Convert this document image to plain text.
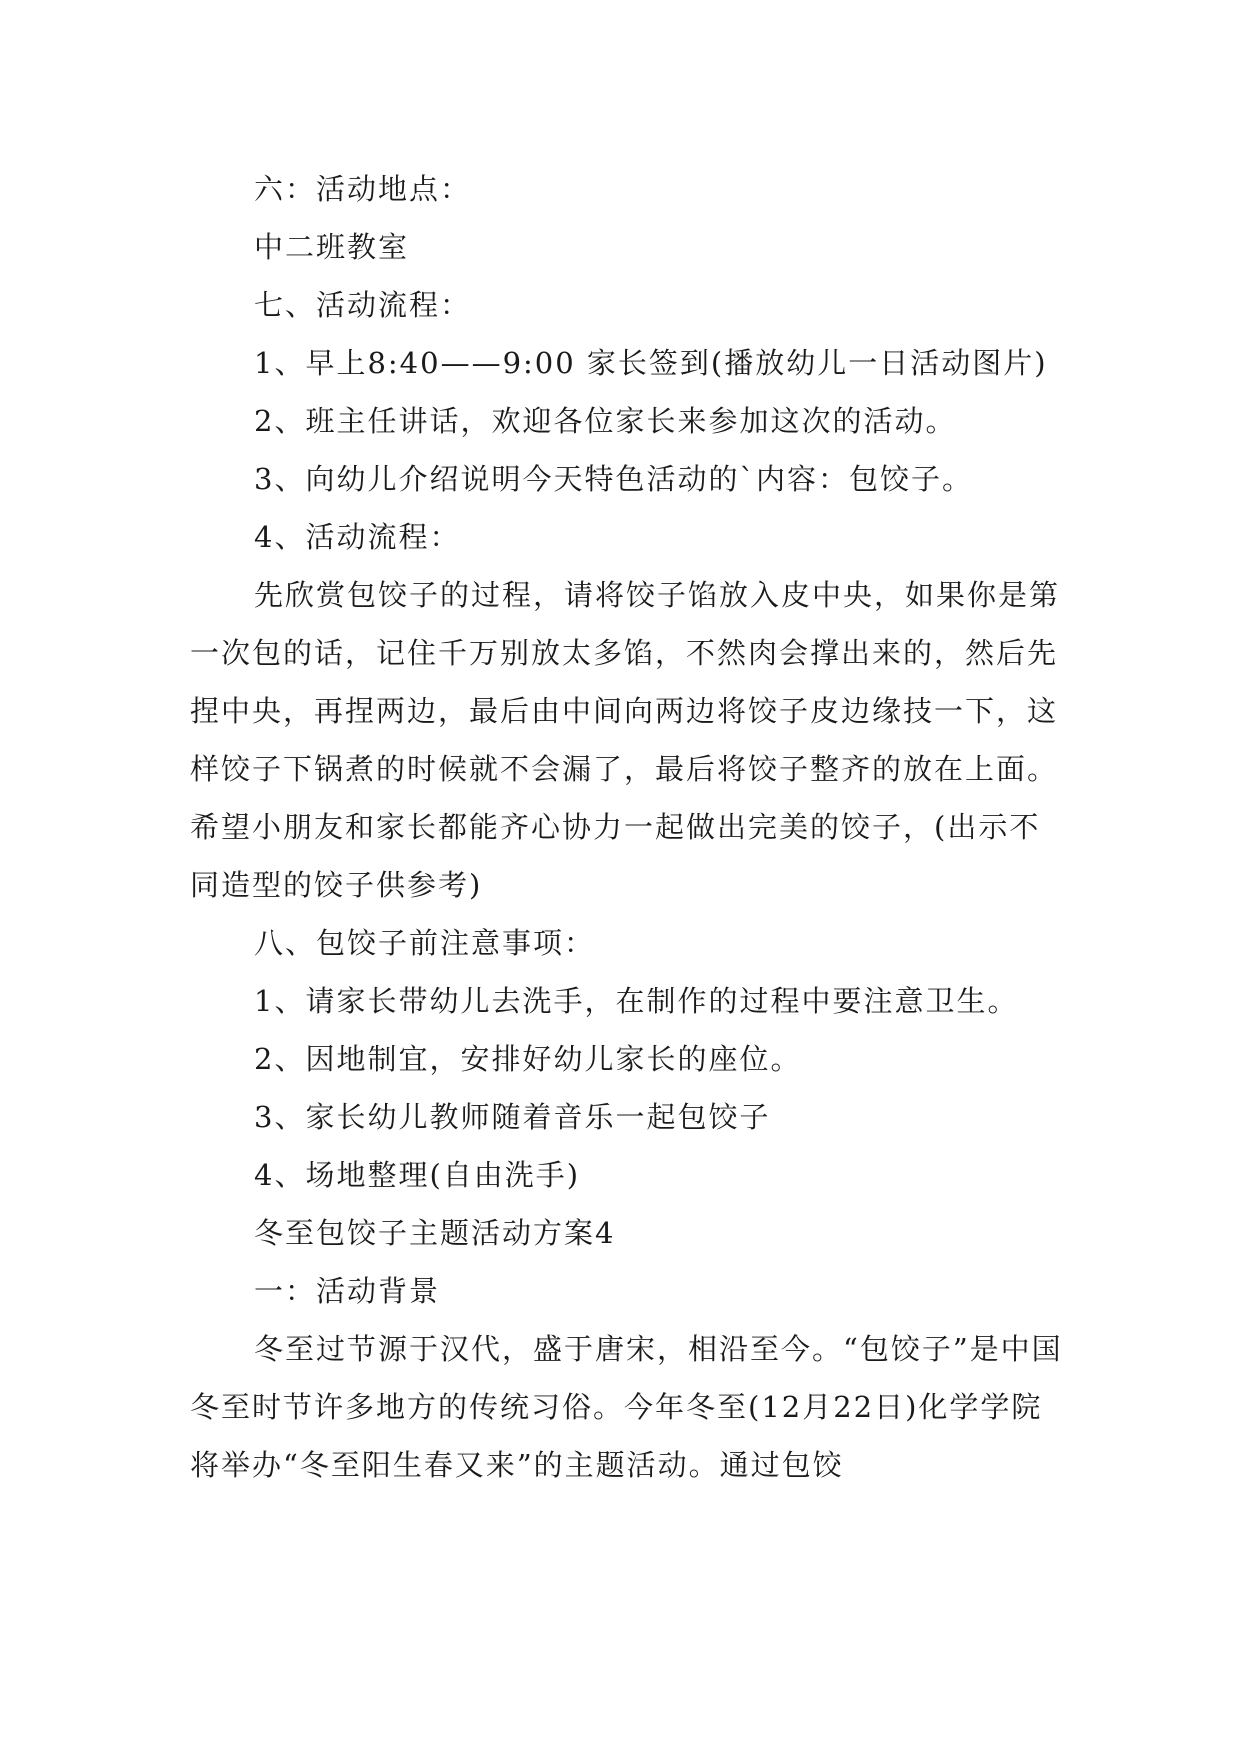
六：活动地点：

中二班教室

七、活动流程：

1、早上8:40——9:00 家长签到(播放幼儿一日活动图片)

2、班主任讲话，欢迎各位家长来参加这次的活动。

3、向幼儿介绍说明今天特色活动的`内容：包饺子。

4、活动流程：

先欣赏包饺子的过程，请将饺子馅放入皮中央，如果你是第一次包的话，记住千万别放太多馅，不然肉会撑出来的，然后先捏中央，再捏两边，最后由中间向两边将饺子皮边缘技一下，这样饺子下锅煮的时候就不会漏了，最后将饺子整齐的放在上面。希望小朋友和家长都能齐心协力一起做出完美的饺子，(出示不同造型的饺子供参考)

八、包饺子前注意事项：

1、请家长带幼儿去洗手，在制作的过程中要注意卫生。

2、因地制宜，安排好幼儿家长的座位。

3、家长幼儿教师随着音乐一起包饺子

4、场地整理(自由洗手)

冬至包饺子主题活动方案4

一：活动背景

冬至过节源于汉代，盛于唐宋，相沿至今。“包饺子”是中国冬至时节许多地方的传统习俗。今年冬至(12月22日)化学学院将举办“冬至阳生春又来”的主题活动。通过包饺
